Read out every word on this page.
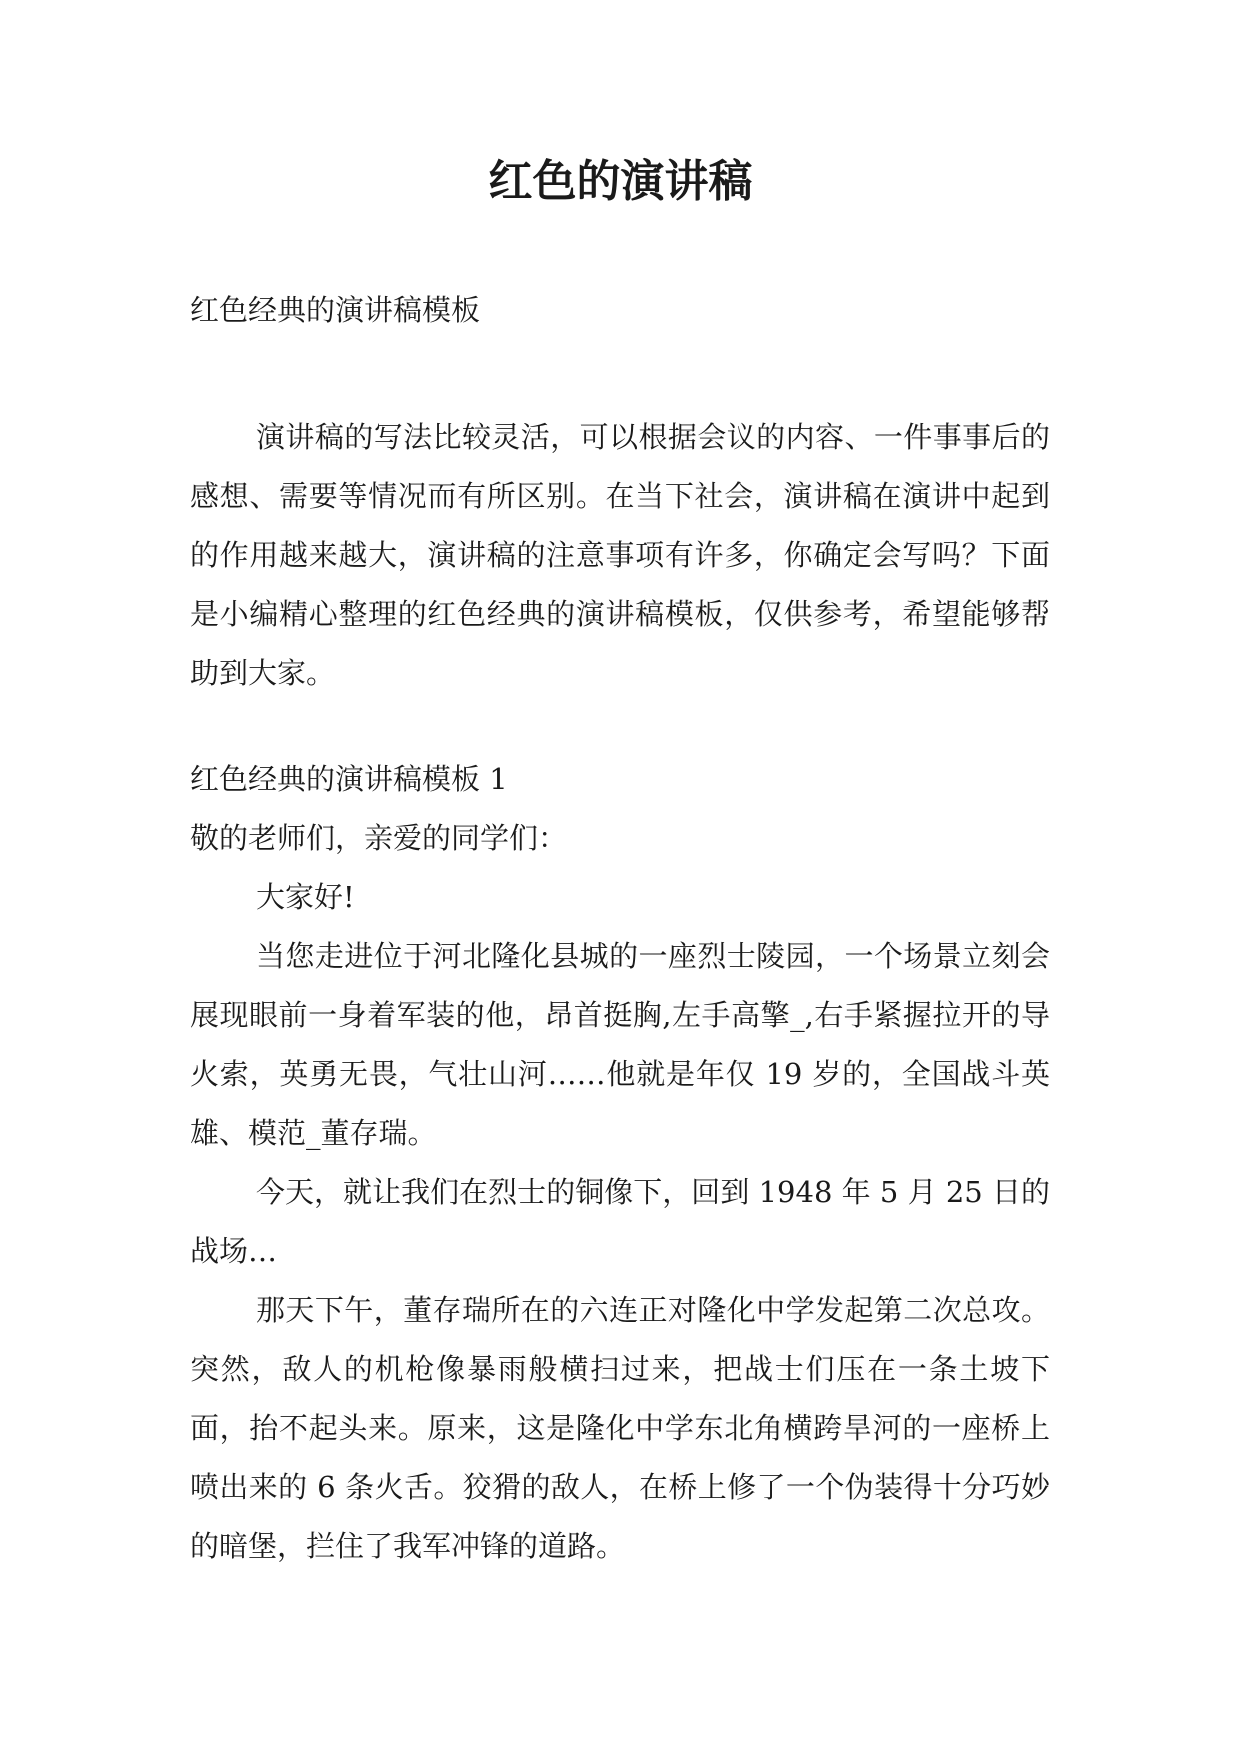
红色的演讲稿
红色经典的演讲稿模板

演讲稿的写法比较灵活，可以根据会议的内容、一件事事后的感想、需要等情况而有所区别。在当下社会，演讲稿在演讲中起到的作用越来越大，演讲稿的注意事项有许多，你确定会写吗？下面是小编精心整理的红色经典的演讲稿模板，仅供参考，希望能够帮助到大家。

红色经典的演讲稿模板 1

敬的老师们，亲爱的同学们：

大家好!

当您走进位于河北隆化县城的一座烈士陵园，一个场景立刻会展现眼前一身着军装的他，昂首挺胸,左手高擎_,右手紧握拉开的导火索，英勇无畏，气壮山河……他就是年仅 19 岁的，全国战斗英雄、模范_董存瑞。

今天，就让我们在烈士的铜像下，回到 1948 年 5 月 25 日的战场…

那天下午，董存瑞所在的六连正对隆化中学发起第二次总攻。突然，敌人的机枪像暴雨般横扫过来，把战士们压在一条土坡下面，抬不起头来。原来，这是隆化中学东北角横跨旱河的一座桥上喷出来的 6 条火舌。狡猾的敌人，在桥上修了一个伪装得十分巧妙的暗堡，拦住了我军冲锋的道路。
